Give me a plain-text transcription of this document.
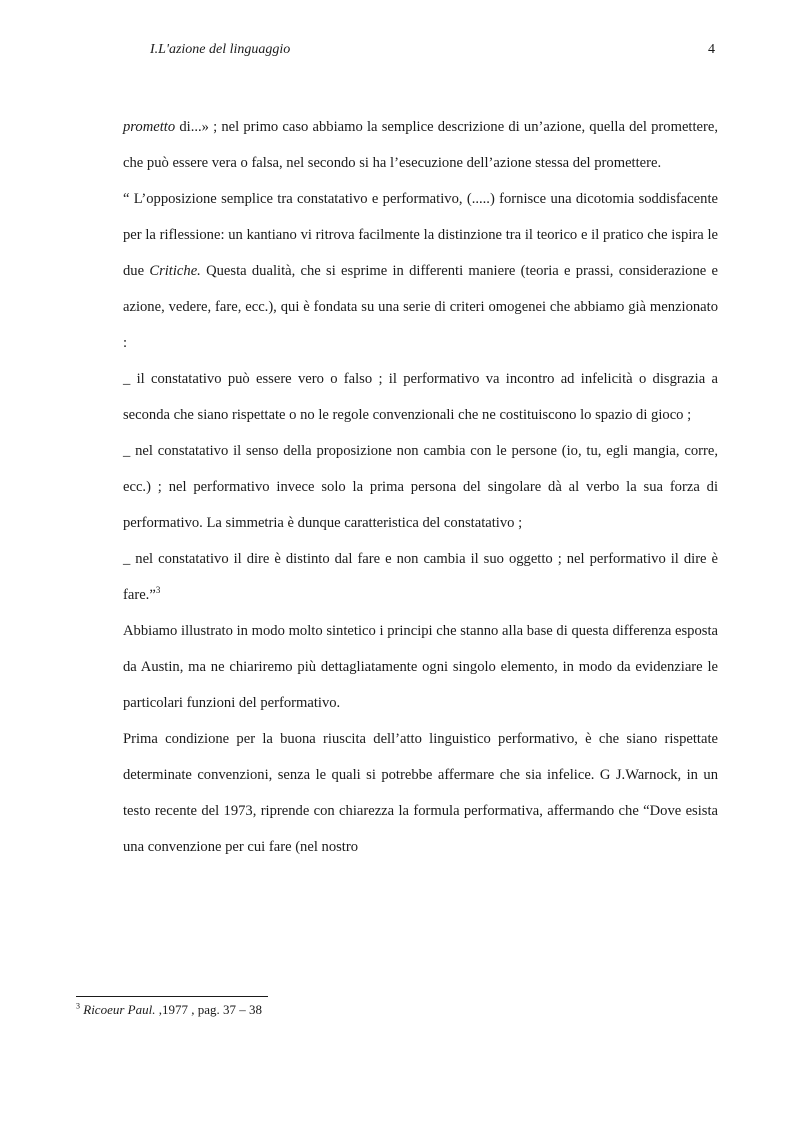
I.L'azione del linguaggio	4

prometto di...» ; nel primo caso abbiamo la semplice descrizione di un’azione, quella del promettere, che può essere vera o falsa, nel secondo si ha l’esecuzione dell’azione stessa del promettere.

“ L’opposizione semplice tra constatativo e performativo, (.....) fornisce una dicotomia soddisfacente per la riflessione: un kantiano vi ritrova facilmente la distinzione tra il teorico e il pratico che ispira le due Critiche. Questa dualità, che si esprime in differenti maniere (teoria e prassi, considerazione e azione, vedere, fare, ecc.), qui è fondata su una serie di criteri omogenei che abbiamo già menzionato :

_ il constatativo può essere vero o falso ; il performativo va incontro ad infelicità o disgrazia a seconda che siano rispettate o no le regole convenzionali che ne costituiscono lo spazio di gioco ;

_ nel constatativo il senso della proposizione non cambia con le persone (io, tu, egli mangia, corre, ecc.) ; nel performativo invece solo la prima persona del singolare dà al verbo la sua forza di performativo. La simmetria è dunque caratteristica del constatativo ;

_ nel constatativo il dire è distinto dal fare e non cambia il suo oggetto ; nel performativo il dire è fare.”$^3$

Abbiamo illustrato in modo molto sintetico i principi che stanno alla base di questa differenza esposta da Austin, ma ne chiariremo più dettagliatamente ogni singolo elemento, in modo da evidenziare le particolari funzioni del performativo.

Prima condizione per la buona riuscita dell’atto linguistico performativo, è che siano rispettate determinate convenzioni, senza le quali si potrebbe affermare che sia infelice. G J.Warnock, in un testo recente del 1973, riprende con chiarezza la formula performativa, affermando che “Dove esista una convenzione per cui fare (nel nostro

$^3$ Ricoeur Paul. ,1977 , pag. 37 – 38
